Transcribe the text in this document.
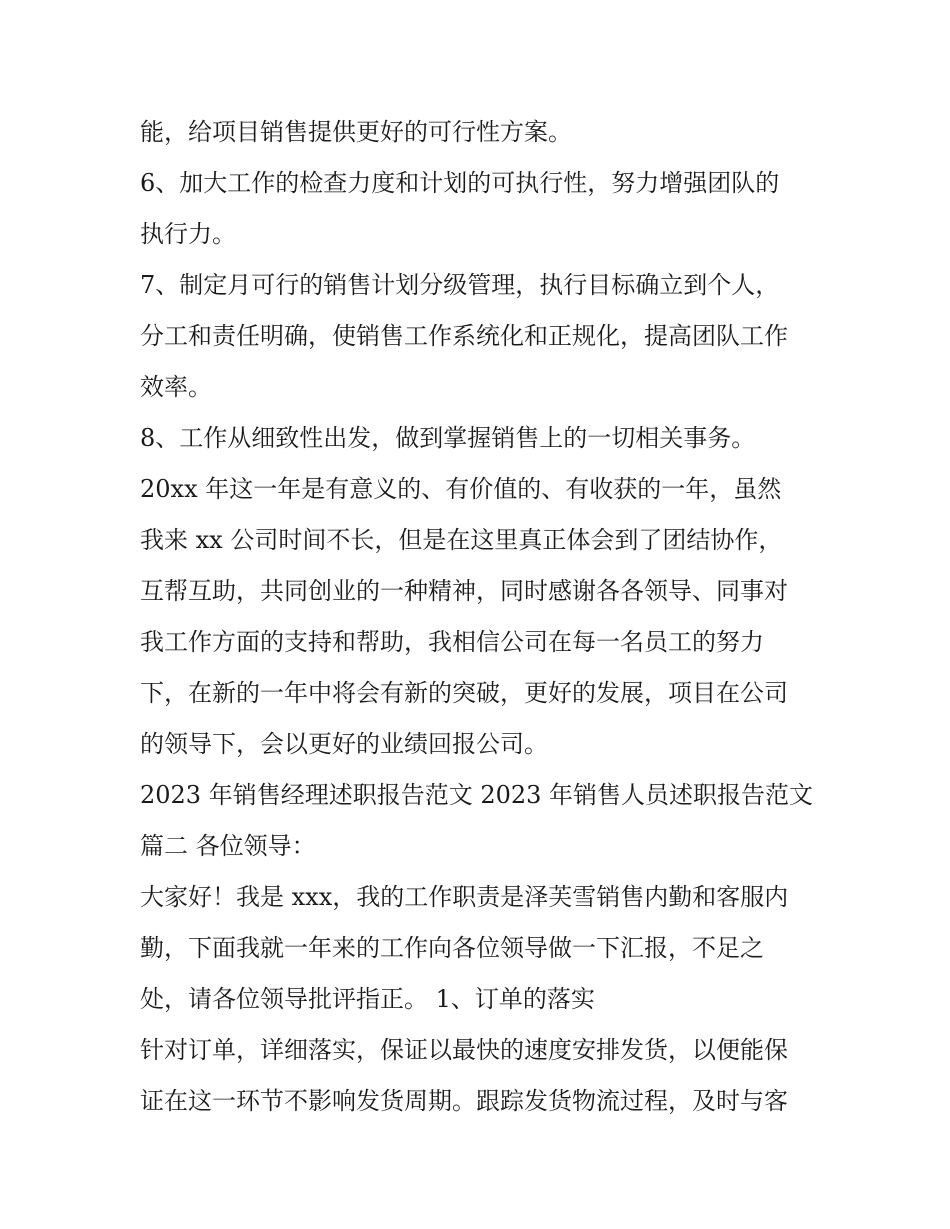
能，给项目销售提供更好的可行性方案。
6、加大工作的检查力度和计划的可执行性，努力增强团队的
执行力。
7、制定月可行的销售计划分级管理，执行目标确立到个人，
分工和责任明确，使销售工作系统化和正规化，提高团队工作
效率。
8、工作从细致性出发，做到掌握销售上的一切相关事务。
20xx 年这一年是有意义的、有价值的、有收获的一年，虽然
我来 xx 公司时间不长，但是在这里真正体会到了团结协作，
互帮互助，共同创业的一种精神，同时感谢各各领导、同事对
我工作方面的支持和帮助，我相信公司在每一名员工的努力
下，在新的一年中将会有新的突破，更好的发展，项目在公司
的领导下，会以更好的业绩回报公司。
2023 年销售经理述职报告范文 2023 年销售人员述职报告范文
篇二 各位领导：
大家好！我是 xxx，我的工作职责是泽芙雪销售内勤和客服内
勤，下面我就一年来的工作向各位领导做一下汇报，不足之
处，请各位领导批评指正。 1、订单的落实
针对订单，详细落实，保证以最快的速度安排发货，以便能保
证在这一环节不影响发货周期。跟踪发货物流过程，及时与客
